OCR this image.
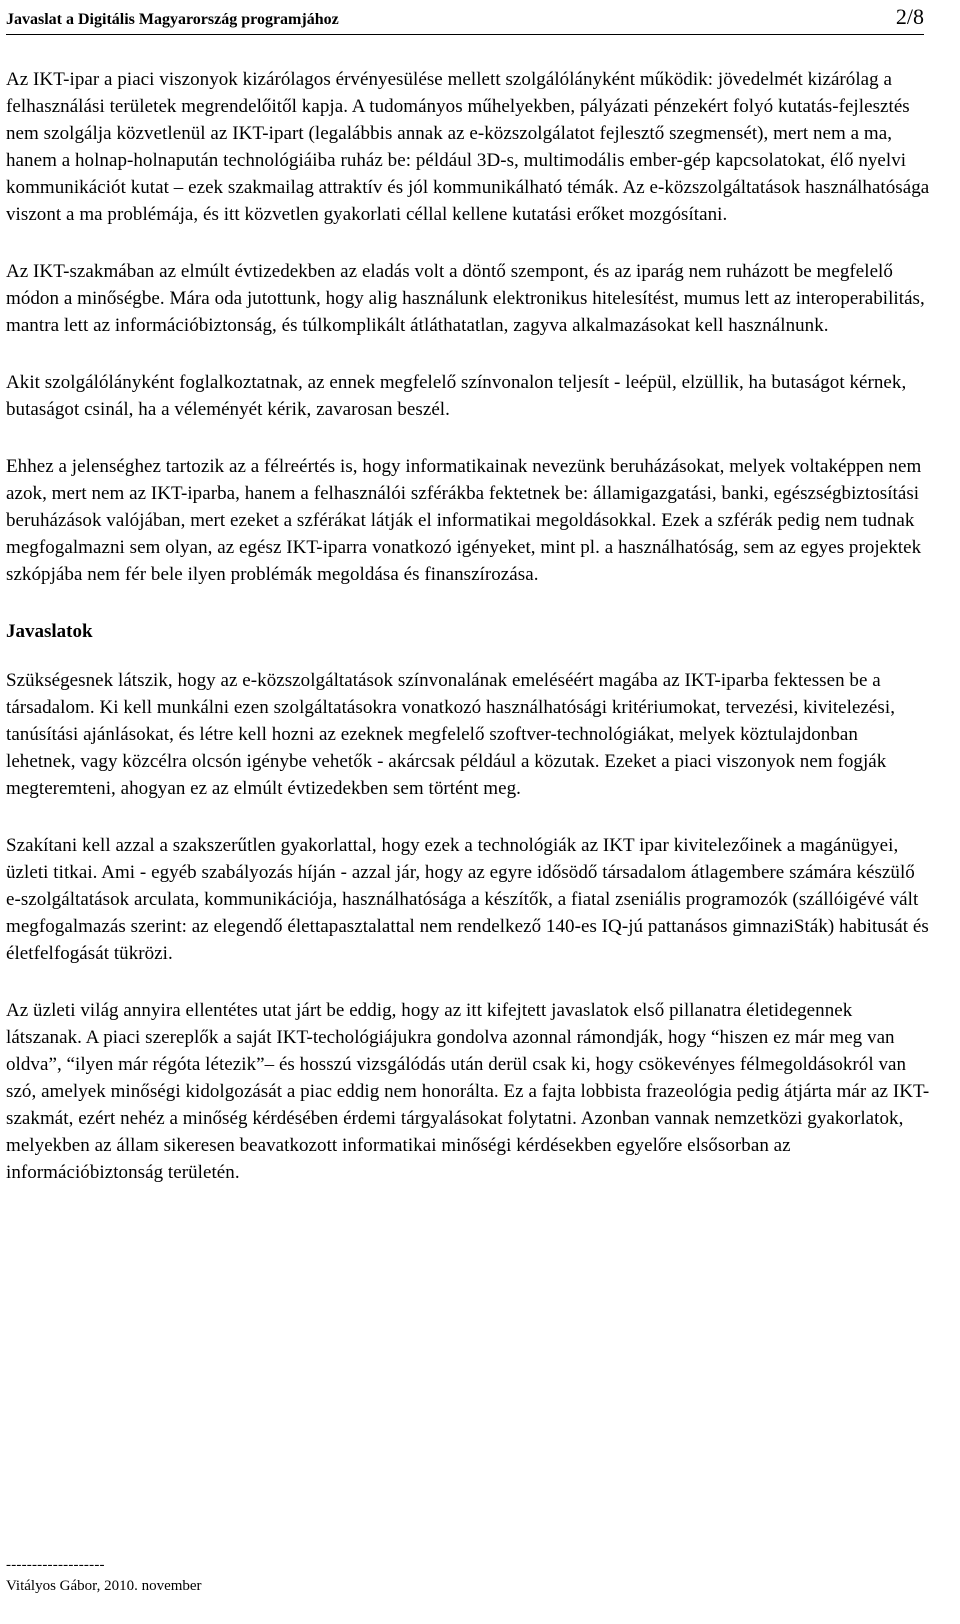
Javaslat a Digitális Magyarország programjához	2/8

Az IKT-ipar a piaci viszonyok kizárólagos érvényesülése mellett szolgálólányként működik: jövedelmét kizárólag a felhasználási területek megrendelőitől kapja. A tudományos műhelyekben, pályázati pénzekért folyó kutatás-fejlesztés nem szolgálja közvetlenül az IKT-ipart (legalábbis annak az e-közszolgálatot fejlesztő szegmensét), mert nem a ma, hanem a holnap-holnapután technológiáiba ruház be: például 3D-s, multimodális ember-gép kapcsolatokat, élő nyelvi kommunikációt kutat – ezek szakmailag attraktív és jól kommunikálható témák. Az e-közszolgáltatások használhatósága viszont a ma problémája, és itt közvetlen gyakorlati céllal kellene kutatási erőket mozgósítani.

Az IKT-szakmában az elmúlt évtizedekben az eladás volt a döntő szempont, és az iparág nem ruházott be megfelelő módon a minőségbe. Mára oda jutottunk, hogy alig használunk elektronikus hitelesítést, mumus lett az interoperabilitás, mantra lett az információbiztonság, és túlkomplikált átláthatatlan, zagyva alkalmazásokat kell használnunk.

Akit szolgálólányként foglalkoztatnak, az ennek megfelelő színvonalon teljesít - leépül, elzüllik, ha butaságot kérnek, butaságot csinál, ha a véleményét kérik, zavarosan beszél.

Ehhez a jelenséghez tartozik az a félreértés is, hogy informatikainak nevezünk beruházásokat, melyek voltaképpen nem azok, mert nem az IKT-iparba, hanem a felhasználói szférákba fektetnek be: államigazgatási, banki, egészségbiztosítási beruházások valójában, mert ezeket a szférákat látják el informatikai megoldásokkal. Ezek a szférák pedig nem tudnak megfogalmazni sem olyan, az egész IKT-iparra vonatkozó igényeket, mint pl. a használhatóság, sem az egyes projektek szkópjába nem fér bele ilyen problémák megoldása és finanszírozása.

Javaslatok

Szükségesnek látszik, hogy az e-közszolgáltatások színvonalának emeléséért magába az IKT-iparba fektessen be a társadalom. Ki kell munkálni ezen szolgáltatásokra vonatkozó használhatósági kritériumokat, tervezési, kivitelezési, tanúsítási ajánlásokat, és létre kell hozni az ezeknek megfelelő szoftver-technológiákat, melyek köztulajdonban lehetnek, vagy közcélra olcsón igénybe vehetők - akárcsak például a közutak. Ezeket a piaci viszonyok nem fogják megteremteni, ahogyan ez az elmúlt évtizedekben sem történt meg.

Szakítani kell azzal a szakszerűtlen gyakorlattal, hogy ezek a technológiák az IKT ipar kivitelezőinek a magánügyei, üzleti titkai. Ami - egyéb szabályozás híján - azzal jár, hogy az egyre idősödő társadalom átlagembere számára készülő e-szolgáltatások arculata, kommunikációja, használhatósága a készítők, a fiatal zseniális programozók (szállóigévé vált megfogalmazás szerint: az elegendő élettapasztalattal nem rendelkező 140-es IQ-jú pattanásos gimnaziSták) habitusát és életfelfogását tükrözi.

Az üzleti világ annyira ellentétes utat járt be eddig, hogy az itt kifejtett javaslatok első pillanatra életidegennek látszanak. A piaci szereplők a saját IKT-techológiájukra gondolva azonnal rámondják, hogy “hiszen ez már meg van oldva”, “ilyen már régóta létezik”– és hosszú vizsgálódás után derül csak ki, hogy csökevényes félmegoldásokról van szó, amelyek minőségi kidolgozását a piac eddig nem honorálta. Ez a fajta lobbista frazeológia pedig átjárta már az IKT-szakmát, ezért nehéz a minőség kérdésében érdemi tárgyalásokat folytatni. Azonban vannak nemzetközi gyakorlatok, melyekben az állam sikeresen beavatkozott informatikai minőségi kérdésekben egyelőre elsősorban az információbiztonság területén.

-------------------
Vitályos Gábor, 2010. november
